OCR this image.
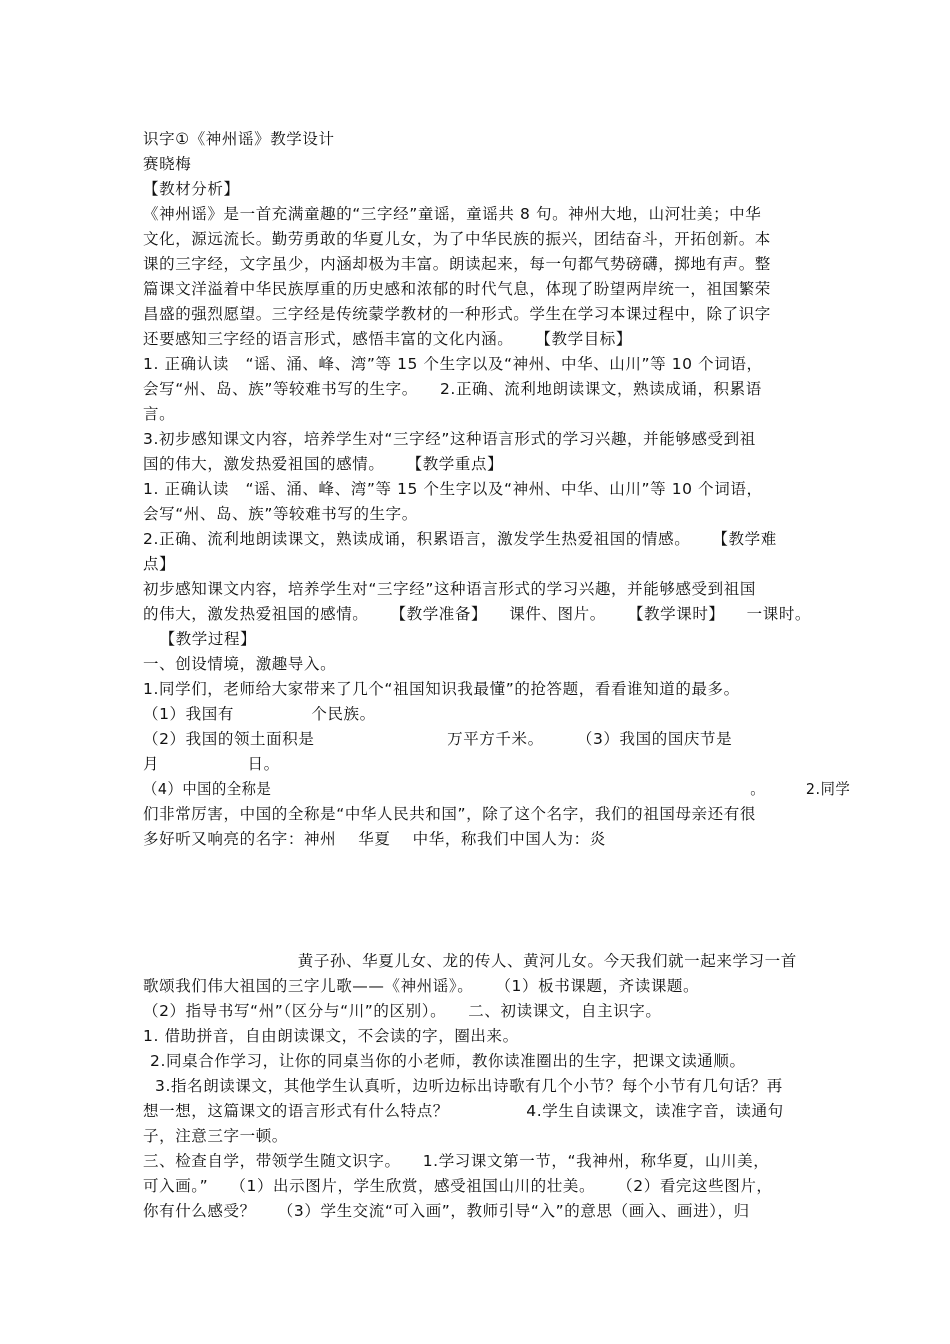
识字①《神州谣》教学设计
赛晓梅
【教材分析】
《神州谣》是一首充满童趣的“三字经”童谣，童谣共 8 句。神州大地，山河壮美；中华
文化，源远流长。勤劳勇敢的华夏儿女，为了中华民族的振兴，团结奋斗，开拓创新。本
课的三字经，文字虽少，内涵却极为丰富。朗读起来，每一句都气势磅礴，掷地有声。整
篇课文洋溢着中华民族厚重的历史感和浓郁的时代气息，体现了盼望两岸统一，祖国繁荣
昌盛的强烈愿望。三字经是传统蒙学教材的一种形式。学生在学习本课过程中，除了识字
还要感知三字经的语言形式，感悟丰富的文化内涵。    【教学目标】
1. 正确认读   “谣、涌、峰、湾”等 15 个生字以及“神州、中华、山川”等 10 个词语，
会写“州、岛、族”等较难书写的生字。    2.正确、流利地朗读课文，熟读成诵，积累语
言。
3.初步感知课文内容，培养学生对“三字经”这种语言形式的学习兴趣，并能够感受到祖
国的伟大，激发热爱祖国的感情。    【教学重点】
1. 正确认读   “谣、涌、峰、湾”等 15 个生字以及“神州、中华、山川”等 10 个词语，
会写“州、岛、族”等较难书写的生字。
2.正确、流利地朗读课文，熟读成诵，积累语言，激发学生热爱祖国的情感。    【教学难
点】
初步感知课文内容，培养学生对“三字经”这种语言形式的学习兴趣，并能够感受到祖国
的伟大，激发热爱祖国的感情。    【教学准备】    课件、图片。    【教学课时】    一课时。
【教学过程】
一、创设情境，激趣导入。
1.同学们，老师给大家带来了几个“祖国知识我最懂”的抢答题，看看谁知道的最多。
（1）我国有              个民族。
（2）我国的领土面积是                        万平方千米。      （3）我国的国庆节是
月                日。
（4）中国的全称是                                                                                              。        2.同学
们非常厉害，中国的全称是“中华人民共和国”，除了这个名字，我们的祖国母亲还有很
多好听又响亮的名字：神州    华夏    中华，称我们中国人为：炎
黄子孙、华夏儿女、龙的传人、黄河儿女。今天我们就一起来学习一首
歌颂我们伟大祖国的三字儿歌——《神州谣》。    （1）板书课题，齐读课题。
（2）指导书写“州”（区分与“川”的区别）。    二、初读课文，自主识字。
1. 借助拼音，自由朗读课文，不会读的字，圈出来。
2.同桌合作学习，让你的同桌当你的小老师，教你读准圈出的生字，把课文读通顺。
3.指名朗读课文，其他学生认真听，边听边标出诗歌有几个小节？每个小节有几句话？再
想一想，这篇课文的语言形式有什么特点？              4.学生自读课文，读准字音，读通句
子，注意三字一顿。
三、检查自学，带领学生随文识字。    1.学习课文第一节，“我神州，称华夏，山川美，
可入画。”    （1）出示图片，学生欣赏，感受祖国山川的壮美。    （2）看完这些图片，
你有什么感受？    （3）学生交流“可入画”，教师引导“入”的意思（画入、画进），归
